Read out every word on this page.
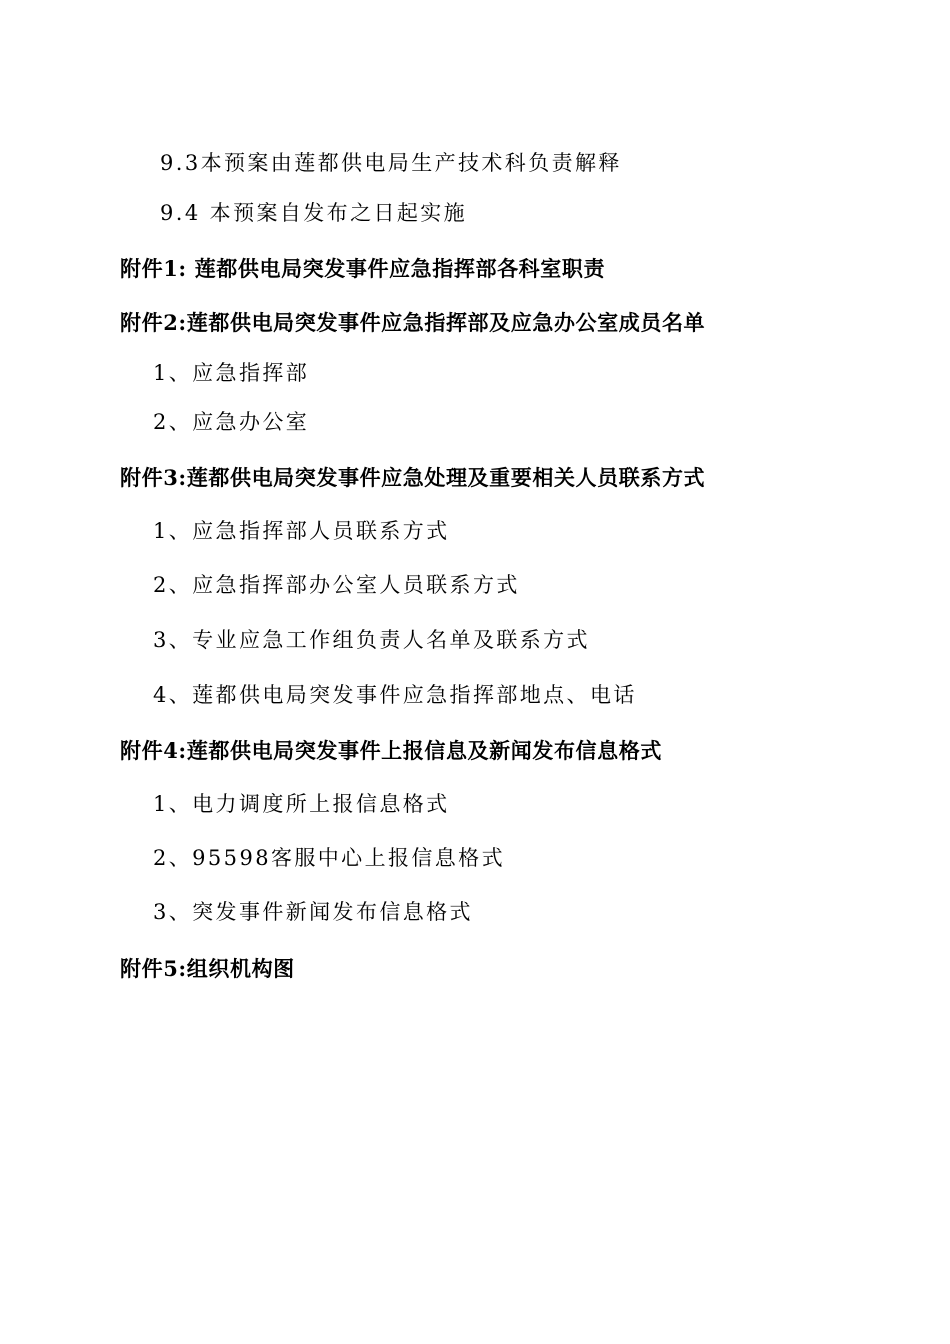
9.3本预案由莲都供电局生产技术科负责解释
9.4 本预案自发布之日起实施
附件1: 莲都供电局突发事件应急指挥部各科室职责
附件2:莲都供电局突发事件应急指挥部及应急办公室成员名单
1、应急指挥部
2、应急办公室
附件3:莲都供电局突发事件应急处理及重要相关人员联系方式
1、应急指挥部人员联系方式
2、应急指挥部办公室人员联系方式
3、专业应急工作组负责人名单及联系方式
4、莲都供电局突发事件应急指挥部地点、电话
附件4:莲都供电局突发事件上报信息及新闻发布信息格式
1、电力调度所上报信息格式
2、95598客服中心上报信息格式
3、突发事件新闻发布信息格式
附件5:组织机构图
